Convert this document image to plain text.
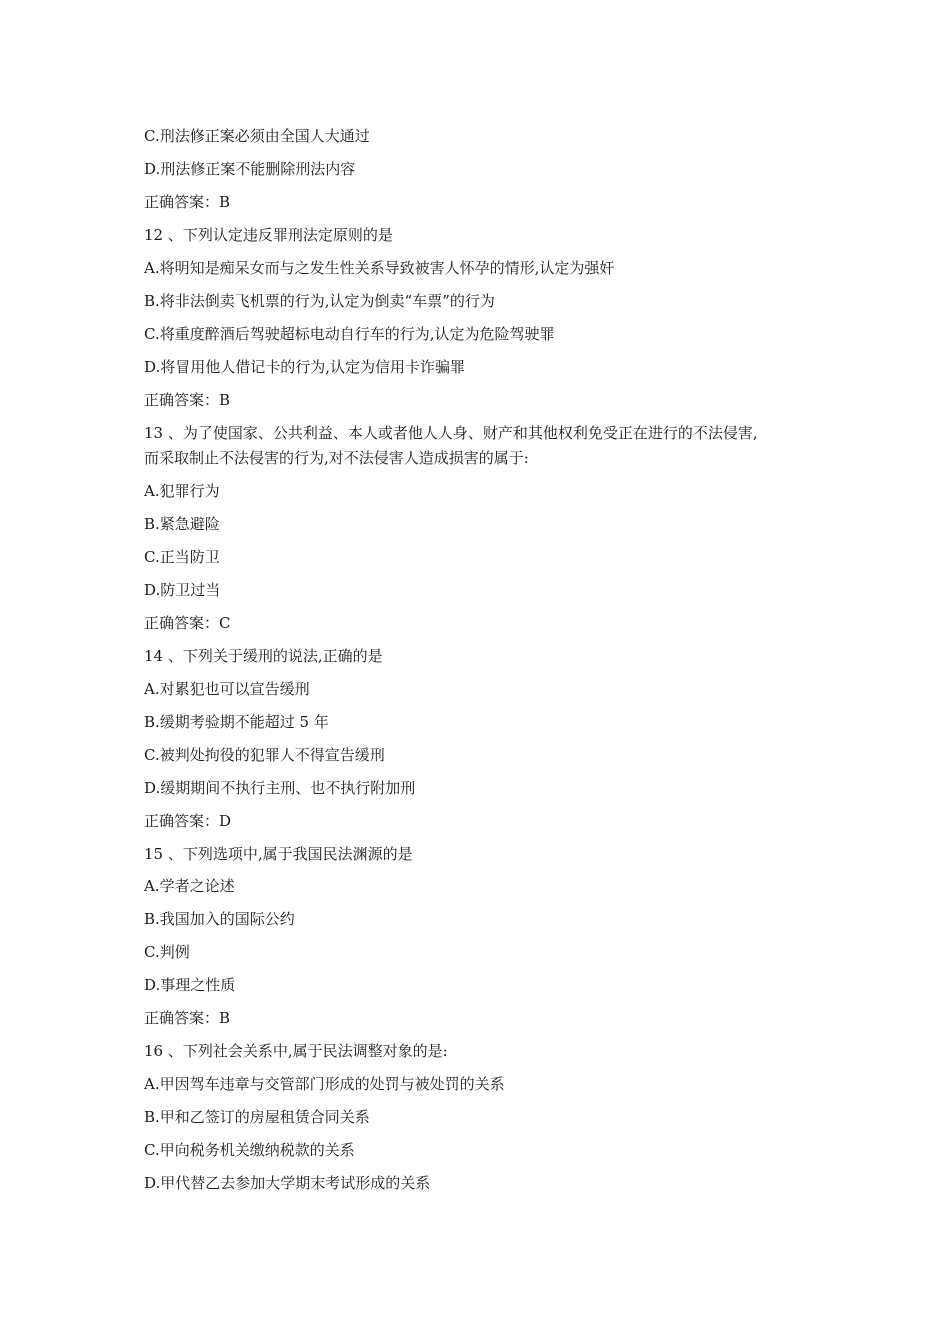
C.刑法修正案必须由全国人大通过
D.刑法修正案不能删除刑法内容
正确答案：B
12 、下列认定违反罪刑法定原则的是
A.将明知是痴呆女而与之发生性关系导致被害人怀孕的情形,认定为强奸
B.将非法倒卖飞机票的行为,认定为倒卖“车票”的行为
C.将重度醉酒后驾驶超标电动自行车的行为,认定为危险驾驶罪
D.将冒用他人借记卡的行为,认定为信用卡诈骗罪
正确答案：B
13 、为了使国家、公共利益、本人或者他人人身、财产和其他权利免受正在进行的不法侵害,
而采取制止不法侵害的行为,对不法侵害人造成损害的属于:
A.犯罪行为
B.紧急避险
C.正当防卫
D.防卫过当
正确答案：C
14 、下列关于缓刑的说法,正确的是
A.对累犯也可以宣告缓刑
B.缓期考验期不能超过 5 年
C.被判处拘役的犯罪人不得宣告缓刑
D.缓期期间不执行主刑、也不执行附加刑
正确答案：D
15 、下列选项中,属于我国民法渊源的是
A.学者之论述
B.我国加入的国际公约
C.判例
D.事理之性质
正确答案：B
16 、下列社会关系中,属于民法调整对象的是:
A.甲因驾车违章与交管部门形成的处罚与被处罚的关系
B.甲和乙签订的房屋租赁合同关系
C.甲向税务机关缴纳税款的关系
D.甲代替乙去参加大学期末考试形成的关系
